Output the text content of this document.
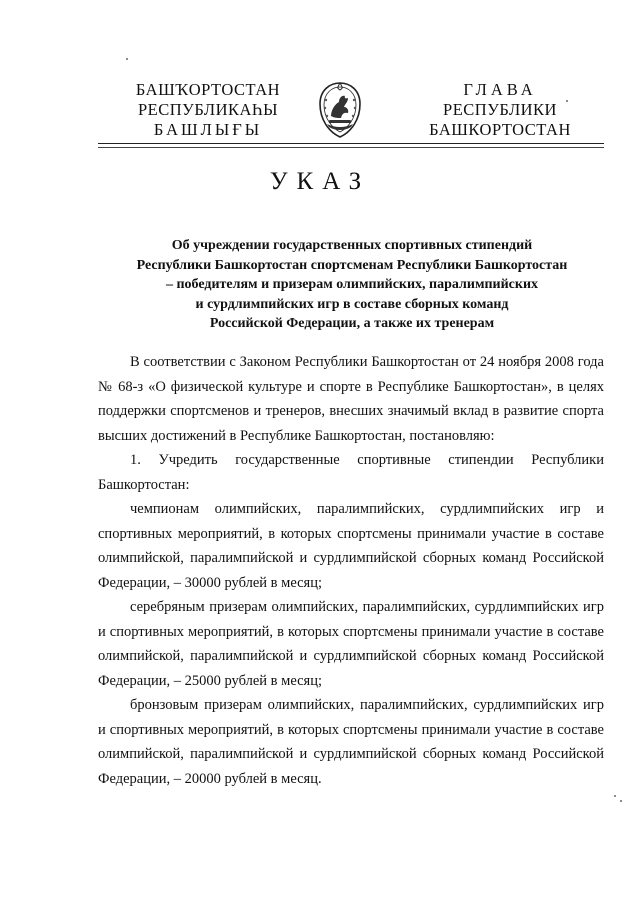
БАШҠОРТОСТАН
РЕСПУБЛИКАҺЫ
БАШЛЫҒЫ
ГЛАВА
РЕСПУБЛИКИ
БАШКОРТОСТАН
УКАЗ
Об учреждении государственных спортивных стипендий
Республики Башкортостан спортсменам Республики Башкортостан
– победителям и призерам олимпийских, паралимпийских
и сурдлимпийских игр в составе сборных команд
Российской Федерации, а также их тренерам

В соответствии с Законом Республики Башкортостан от 24 ноября 2008 года № 68-з «О физической культуре и спорте в Республике Башкортостан», в целях поддержки спортсменов и тренеров, внесших значимый вклад в развитие спорта высших достижений в Республике Башкортостан, постановляю:

1. Учредить государственные спортивные стипендии Республики Башкортостан:

чемпионам олимпийских, паралимпийских, сурдлимпийских игр и спортивных мероприятий, в которых спортсмены принимали участие в составе олимпийской, паралимпийской и сурдлимпийской сборных команд Российской Федерации, – 30000 рублей в месяц;

серебряным призерам олимпийских, паралимпийских, сурдлимпийских игр и спортивных мероприятий, в которых спортсмены принимали участие в составе олимпийской, паралимпийской и сурдлимпийской сборных команд Российской Федерации, – 25000 рублей в месяц;

бронзовым призерам олимпийских, паралимпийских, сурдлимпийских игр и спортивных мероприятий, в которых спортсмены принимали участие в составе олимпийской, паралимпийской и сурдлимпийской сборных команд Российской Федерации, – 20000 рублей в месяц.
